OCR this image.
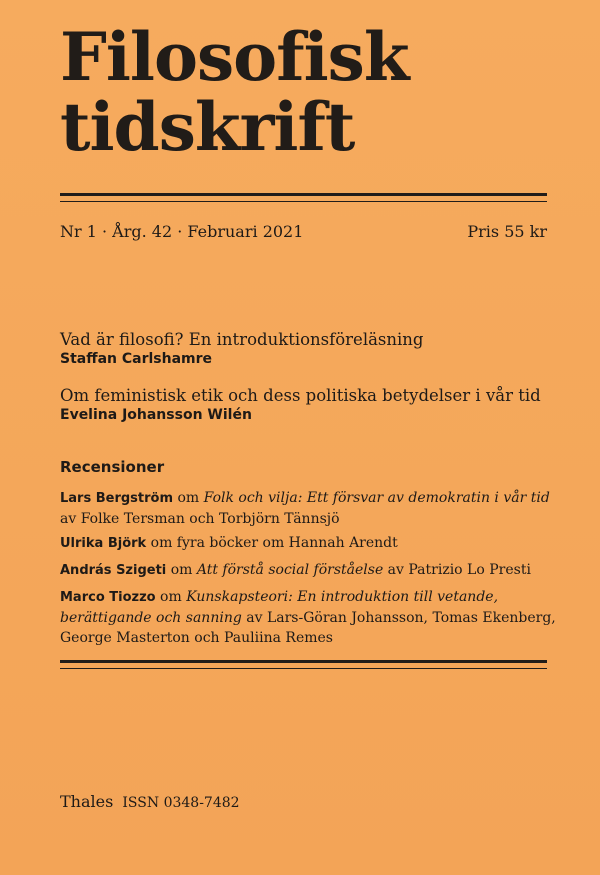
Filosofisk
tidskrift
Nr 1 · Årg. 42 · Februari 2021	Pris 55 kr
Vad är filosofi? En introduktionsföreläsning
Staffan Carlshamre
Om feministisk etik och dess politiska betydelser i vår tid
Evelina Johansson Wilén
Recensioner
Lars Bergström om Folk och vilja: Ett försvar av demokratin i vår tid
av Folke Tersman och Torbjörn Tännsjö
Ulrika Björk om fyra böcker om Hannah Arendt
András Szigeti om Att förstå social förståelse av Patrizio Lo Presti
Marco Tiozzo om Kunskapsteori: En introduktion till vetande,
berättigande och sanning av Lars-Göran Johansson, Tomas Ekenberg,
George Masterton och Pauliina Remes
Thales ISSN 0348-7482
